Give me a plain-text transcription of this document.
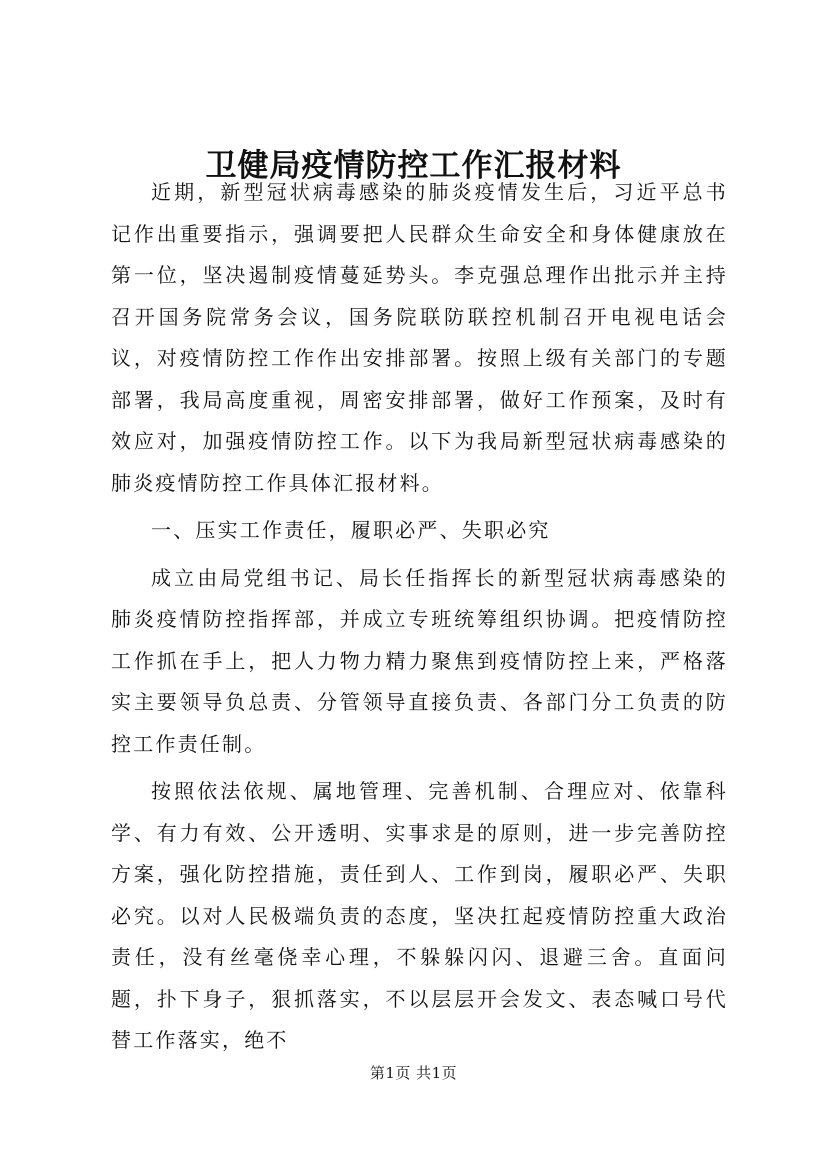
卫健局疫情防控工作汇报材料

近期，新型冠状病毒感染的肺炎疫情发生后，习近平总书记作出重要指示，强调要把人民群众生命安全和身体健康放在第一位，坚决遏制疫情蔓延势头。李克强总理作出批示并主持召开国务院常务会议，国务院联防联控机制召开电视电话会议，对疫情防控工作作出安排部署。按照上级有关部门的专题部署，我局高度重视，周密安排部署，做好工作预案，及时有效应对，加强疫情防控工作。以下为我局新型冠状病毒感染的肺炎疫情防控工作具体汇报材料。

一、压实工作责任，履职必严、失职必究

成立由局党组书记、局长任指挥长的新型冠状病毒感染的肺炎疫情防控指挥部，并成立专班统筹组织协调。把疫情防控工作抓在手上，把人力物力精力聚焦到疫情防控上来，严格落实主要领导负总责、分管领导直接负责、各部门分工负责的防控工作责任制。

按照依法依规、属地管理、完善机制、合理应对、依靠科学、有力有效、公开透明、实事求是的原则，进一步完善防控方案，强化防控措施，责任到人、工作到岗，履职必严、失职必究。以对人民极端负责的态度，坚决扛起疫情防控重大政治责任，没有丝毫侥幸心理，不躲躲闪闪、退避三舍。直面问题，扑下身子，狠抓落实，不以层层开会发文、表态喊口号代替工作落实，绝不

第1页 共1页
